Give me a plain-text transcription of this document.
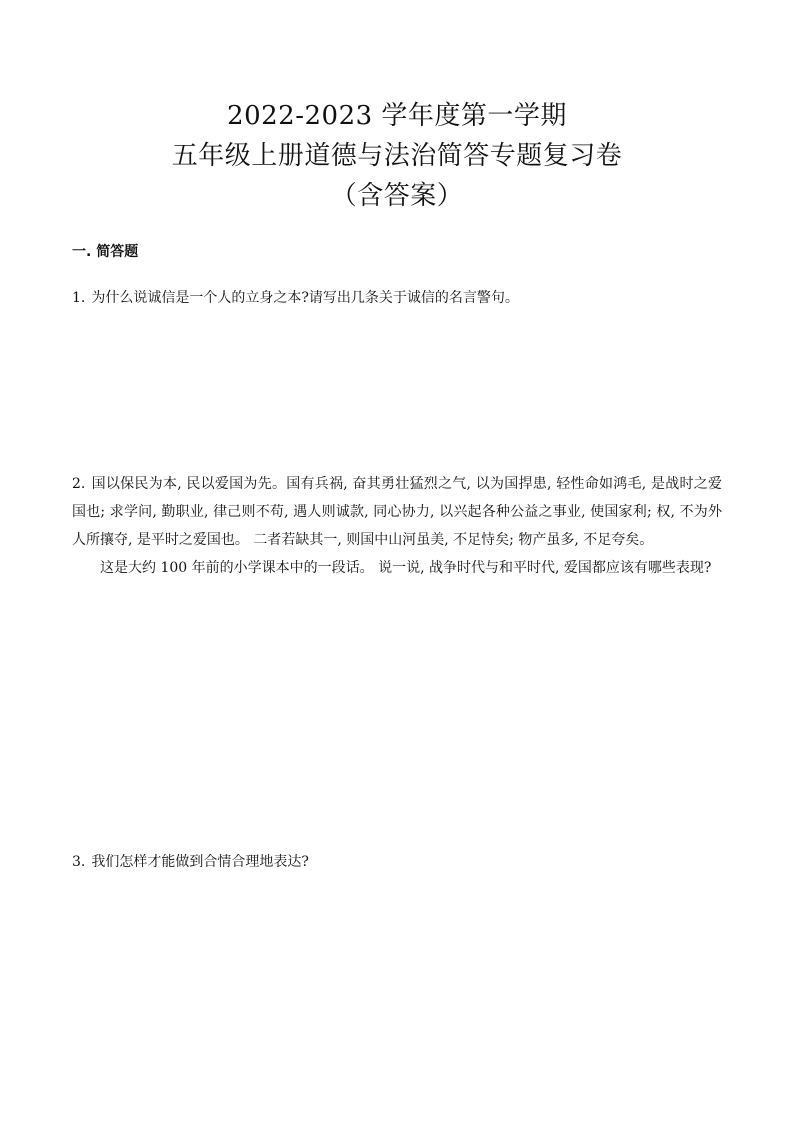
2022-2023 学年度第一学期
五年级上册道德与法治简答专题复习卷
（含答案）
一. 简答题
1. 为什么说诚信是一个人的立身之本?请写出几条关于诚信的名言警句。
2. 国以保民为本, 民以爱国为先。国有兵祸, 奋其勇壮猛烈之气, 以为国捍患, 轻性命如鸿毛, 是战时之爱国也; 求学问, 勤职业, 律己则不苟, 遇人则诚款, 同心协力, 以兴起各种公益之事业, 使国家利; 权, 不为外人所攘夺, 是平时之爱国也。 二者若缺其一, 则国中山河虽美, 不足恃矣; 物产虽多, 不足夸矣。
这是大约 100 年前的小学课本中的一段话。 说一说, 战争时代与和平时代, 爱国都应该有哪些表现?
3. 我们怎样才能做到合情合理地表达?
